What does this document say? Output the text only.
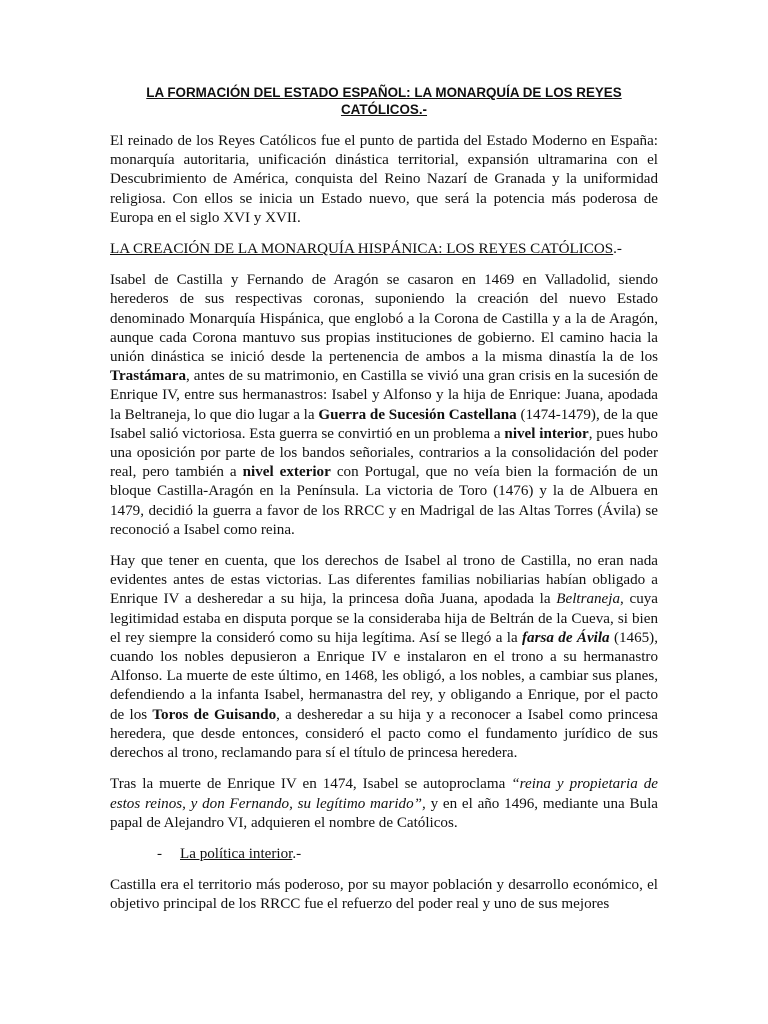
LA FORMACIÓN DEL ESTADO ESPAÑOL: LA MONARQUÍA DE LOS REYES CATÓLICOS.-

El reinado de los Reyes Católicos fue el punto de partida del Estado Moderno en España: monarquía autoritaria, unificación dinástica territorial, expansión ultramarina con el Descubrimiento de América, conquista del Reino Nazarí de Granada y la uniformidad religiosa. Con ellos se inicia un Estado nuevo, que será la potencia más poderosa de Europa en el siglo XVI y XVII.

LA CREACIÓN DE LA MONARQUÍA HISPÁNICA: LOS REYES CATÓLICOS.-

Isabel de Castilla y Fernando de Aragón se casaron en 1469 en Valladolid, siendo herederos de sus respectivas coronas, suponiendo la creación del nuevo Estado denominado Monarquía Hispánica, que englobó a la Corona de Castilla y a la de Aragón, aunque cada Corona mantuvo sus propias instituciones de gobierno. El camino hacia la unión dinástica se inició desde la pertenencia de ambos a la misma dinastía la de los Trastámara, antes de su matrimonio, en Castilla se vivió una gran crisis en la sucesión de Enrique IV, entre sus hermanastros: Isabel y Alfonso y la hija de Enrique: Juana, apodada la Beltraneja, lo que dio lugar a la Guerra de Sucesión Castellana (1474-1479), de la que Isabel salió victoriosa. Esta guerra se convirtió en un problema a nivel interior, pues hubo una oposición por parte de los bandos señoriales, contrarios a la consolidación del poder real, pero también a nivel exterior con Portugal, que no veía bien la formación de un bloque Castilla-Aragón en la Península. La victoria de Toro (1476) y la de Albuera en 1479, decidió la guerra a favor de los RRCC y en Madrigal de las Altas Torres (Ávila) se reconoció a Isabel como reina.

Hay que tener en cuenta, que los derechos de Isabel al trono de Castilla, no eran nada evidentes antes de estas victorias. Las diferentes familias nobiliarias habían obligado a Enrique IV a desheredar a su hija, la princesa doña Juana, apodada la Beltraneja, cuya legitimidad estaba en disputa porque se la consideraba hija de Beltrán de la Cueva, si bien el rey siempre la consideró como su hija legítima. Así se llegó a la farsa de Ávila (1465), cuando los nobles depusieron a Enrique IV e instalaron en el trono a su hermanastro Alfonso. La muerte de este último, en 1468, les obligó, a los nobles, a cambiar sus planes, defendiendo a la infanta Isabel, hermanastra del rey, y obligando a Enrique, por el pacto de los Toros de Guisando, a desheredar a su hija y a reconocer a Isabel como princesa heredera, que desde entonces, consideró el pacto como el fundamento jurídico de sus derechos al trono, reclamando para sí el título de princesa heredera.

Tras la muerte de Enrique IV en 1474, Isabel se autoproclama “reina y propietaria de estos reinos, y don Fernando, su legítimo marido”, y en el año 1496, mediante una Bula papal de Alejandro VI, adquieren el nombre de Católicos.

- La política interior.-

Castilla era el territorio más poderoso, por su mayor población y desarrollo económico, el objetivo principal de los RRCC fue el refuerzo del poder real y uno de sus mejores
